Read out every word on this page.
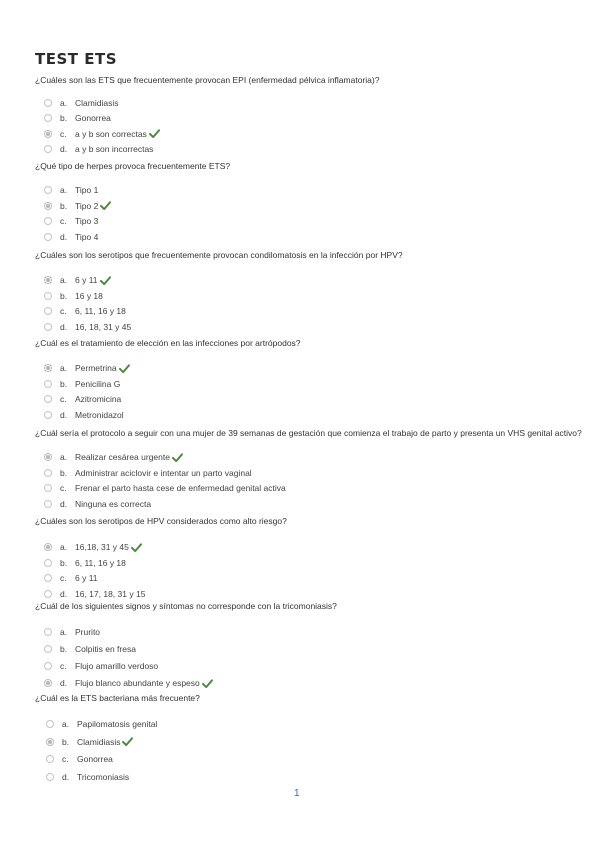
TEST ETS
¿Cuáles son las ETS que frecuentemente provocan EPI (enfermedad pélvica inflamatoria)?
a. Clamidiasis
b. Gonorrea
c. a y b son correctas
d. a y b son incorrectas
¿Qué tipo de herpes provoca frecuentemente ETS?
a. Tipo 1
b. Tipo 2
c. Tipo 3
d. Tipo 4
¿Cuáles son los serotipos que frecuentemente provocan condilomatosis en la infección por HPV?
a. 6 y 11
b. 16 y 18
c. 6, 11, 16 y 18
d. 16, 18, 31 y 45
¿Cuál es el tratamiento de elección en las infecciones por artrópodos?
a. Permetrina
b. Penicilina G
c. Azitromicina
d. Metronidazol
¿Cuál sería el protocolo a seguir con una mujer de 39 semanas de gestación que comienza el trabajo de parto y presenta un VHS genital activo?
a. Realizar cesárea urgente
b. Administrar aciclovir e intentar un parto vaginal
c. Frenar el parto hasta cese de enfermedad genital activa
d. Ninguna es correcta
¿Cuáles son los serotipos de HPV considerados como alto riesgo?
a. 16,18, 31 y 45
b. 6, 11, 16 y 18
c. 6 y 11
d. 16, 17, 18, 31 y 15
¿Cuál de los siguientes signos y síntomas no corresponde con la tricomoniasis?
a. Prurito
b. Colpitis en fresa
c. Flujo amarillo verdoso
d. Flujo blanco abundante y espeso
¿Cuál es la ETS bacteriana más frecuente?
a. Papilomatosis genital
b. Clamidiasis
c. Gonorrea
d. Tricomoniasis
1
